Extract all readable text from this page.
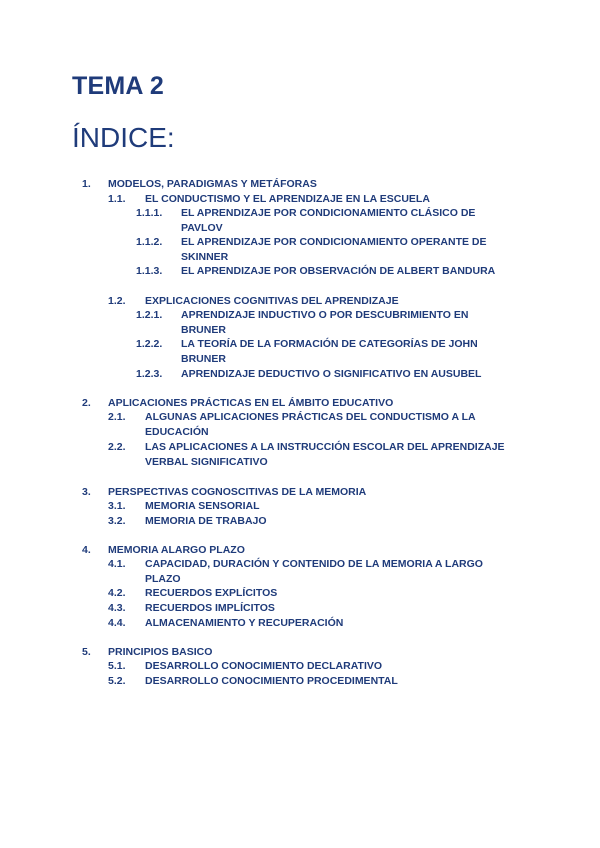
TEMA 2
ÍNDICE:
1. MODELOS, PARADIGMAS Y METÁFORAS
1.1. EL CONDUCTISMO Y EL APRENDIZAJE EN LA ESCUELA
1.1.1. EL APRENDIZAJE POR CONDICIONAMIENTO CLÁSICO DE PAVLOV
1.1.2. EL APRENDIZAJE POR CONDICIONAMIENTO OPERANTE DE SKINNER
1.1.3. EL APRENDIZAJE POR OBSERVACIÓN DE ALBERT BANDURA
1.2. EXPLICACIONES COGNITIVAS DEL APRENDIZAJE
1.2.1. APRENDIZAJE INDUCTIVO O POR DESCUBRIMIENTO EN BRUNER
1.2.2. LA TEORÍA DE LA FORMACIÓN DE CATEGORÍAS DE JOHN BRUNER
1.2.3. APRENDIZAJE DEDUCTIVO O SIGNIFICATIVO EN AUSUBEL
2. APLICACIONES PRÁCTICAS EN EL ÁMBITO EDUCATIVO
2.1. ALGUNAS APLICACIONES PRÁCTICAS DEL CONDUCTISMO A LA EDUCACIÓN
2.2. LAS APLICACIONES A LA INSTRUCCIÓN ESCOLAR DEL APRENDIZAJE VERBAL SIGNIFICATIVO
3. PERSPECTIVAS COGNOSCITIVAS DE LA MEMORIA
3.1. MEMORIA SENSORIAL
3.2. MEMORIA DE TRABAJO
4. MEMORIA ALARGO PLAZO
4.1. CAPACIDAD, DURACIÓN Y CONTENIDO DE LA MEMORIA A LARGO PLAZO
4.2. RECUERDOS EXPLÍCITOS
4.3. RECUERDOS IMPLÍCITOS
4.4. ALMACENAMIENTO Y RECUPERACIÓN
5. PRINCIPIOS BASICO
5.1. DESARROLLO CONOCIMIENTO DECLARATIVO
5.2. DESARROLLO CONOCIMIENTO PROCEDIMENTAL
